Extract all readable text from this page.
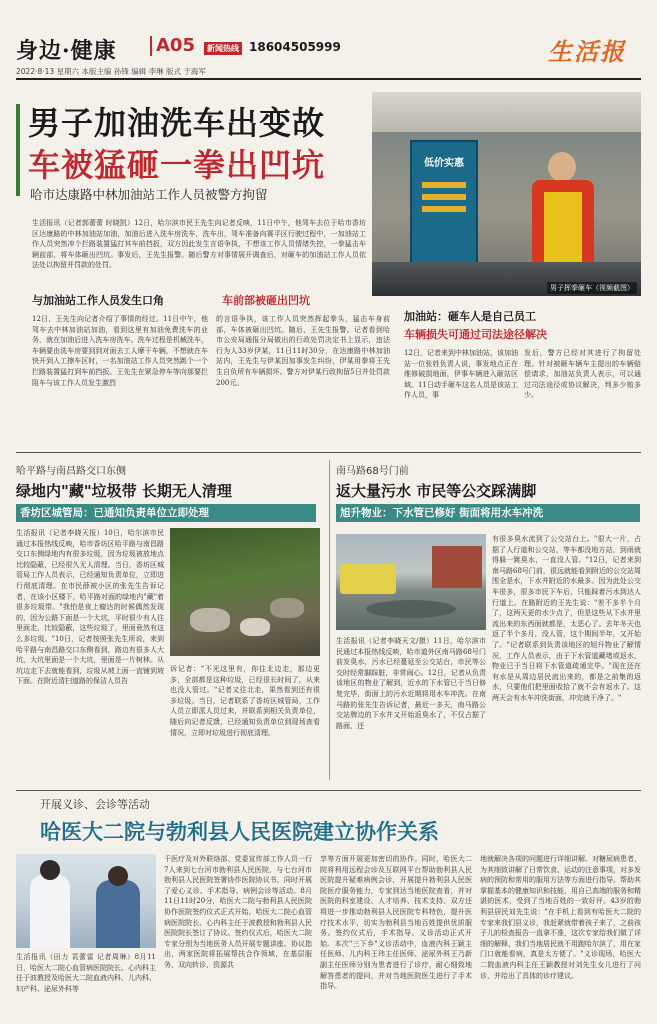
身边·健康	A05	新闻热线 18604505999	生活报
2022·8·13 星期六 本版主编 孙锋 编辑 李琳 版式 于海军
低价实惠
男子挥拳砸车（视频截图）
男子加油洗车出变故
车被猛砸一拳出凹坑
哈市达康路中林加油站工作人员被警方拘留
生活报讯（记者郭蕾蕾 时晓凯）12日，哈尔滨市民王先生向记者反映，11日中午，他驾车去位于哈市香坊区达康路的中林加油站加油，加油后进入洗车房洗车，洗车出，驾车准备向赛平区行驶过程中，一加油站工作人员突然冲个拦路装置猛打其车前挡扳，双方因此发生言语争执，不想该工作人员情绪失控，一拳猛击车辆前部，将车体砸出凹坑。事发后，王先生报警。随后警方对事情展开调查后，对砸车的加油站工作人员依法处以拘留并罚款的处罚。
与加油站工作人员发生口角	车前部被砸出凹坑
12日，王先生向记者介绍了事情的经过。11日中午，他驾车去中林加油站加油，看到这里有加油免费洗车的业务，就在加油后进入洗车房洗车。洗车过程是机械洗车，车辆要由洗车房要到到对面去工人摩干车辆，不想就在车快开到人工擦车区时，一名加油站工作人员突然跳个一个拦路装置猛打到车前挡扳。王先生在紧急停车等向那要拦阻车与该工作人员发生激烈
的言语争执，该工作人员突然挥起拳头，猛击车身前部，车体被砸出凹坑。随后，王先生报警。记者看到哈市公安局通报分局做出的行政处罚决定书上显示，违法行为人33岁伊某，11日11时30分，在达康路中林加油站内，王先生与伊某因加事发生纠纷，伊某用拳将王先生自负所有车辆损坏。警方对伊某行政拘留5日并处罚款200元。
加油站：砸车人是自己员工
车辆损失可通过司法途径解决
12日，记者来到中林加油站，该加油站一位张姓负责人说，事发地点正在维修破损地面，伊事车辆进入砸站区域。11日动手砸车这名人员是该站工作人员，事
发后，警方已经对其进行了拘留处理。针对被砸车辆车主提出的车辆赔偿请求，加油站负责人表示，可以通过司法途径或协议解决，判多少赔多少。
哈平路与南昌路交口东侧
绿地内"藏"垃圾带 长期无人清理
香坊区城管局：已通知负责单位立即处理
生活报讯（记者李晓天报）10日，哈尔滨市民通过本报热线反映，哈市香坊区哈平路与南昌路交口东侧绿地内有很多垃圾，因为垃圾被放地点比较隐蔽，已经很久无人清理。当日，香坊区城管局工作人员表示，已经通知负责单位，立即进行彻底清理。在市民薛被小区的张先生告诉记者，在该小区楼下，哈平路对面的绿地内"藏"着很多垃圾带。"我怕是夜上瘤达的时候偶然发现的，因为公路下面是一个大坑，平时很少有人往里面走，比较隐蔽，这些垃圾了，里面竟然有这么多垃圾。"10日，记者按照张先生所说，来到哈平路与南昌路交口东侧看到，路边有很多人大坑，大坑里面是一个大坑，里面是一片树林。从坑边走下去就能看到，垃圾从坡上面一直铺到坡下面。在附近清扫道路的保洁人员告
诉记者："不光这里有，你往北边走，那边更多，全部都是这种垃圾，已经很长时间了，从来也没人管过。"记者又往北走，果然看到还有很多垃圾。当日，记者联系了香坊区城管局，工作人员立即派人员过来，并联系到相关负责单位，随后向记者反馈，已经通知负责单位到现场查看情况，立即对垃圾进行彻底清理。
南马路68号门前
返大量污水 市民等公交踩满脚
旭升物业：下水管已修好 街面将用水车冲洗
生活报讯（记者李晓天文/摄）11日，哈尔滨市民通过本报热线反映，哈市道外区南马路68号门前发臭水，污水已经蔓延至公交站台，市民等公交时经常脚踩脏，非常闹心。12日，记者从负责该地区的物业了解到，近水的下水管已于当日修复完毕，街面上的污水近期将用水车冲洗。在南马路的张先生告诉记者，最近一多天，南马路公交站牌边的下水井又开始返臭水了，不仅占据了路面，还
有很多臭水流到了公交站台上。"很大一片，占据了人行道和公交站，等车都没地方站，到雨就得躲一跳臭水，一直没人管。"12日，记者来到南马路68号门前，很远就能看到附近的公交站周围全是水，下水井附近的水最多。因为此处公交车很多，很多市民下车后，只能踩着污水到达人行道上。在路附近的王先生说："差不多半个月了，这两天更的水少点了，但是这些从下水井里流出来的东西面就都是，太恶心了。去年冬天也返了半个多月，没人管，这个期间半年，又开始了。"记者联系到负责该地区的旭升物业了解情况，工作人员表示，由于下水管道藏堵或返水，物业已于当日将下水管道疏通完毕。"现在还在有水是从周边居民流出来的，都是之前集的返水，只要他们把里面收拾了就不会有返水了。这两天会有水车冲洗街面，冲完就干净了。"
开展义诊、会诊等活动
哈医大二院与勃利县人民医院建立协作关系
生活报讯（田力 袁蕾雷 记者周琳）8月11日，哈医大二院心血管病医院院长、心内科主任于波教授及哈医大二院血液内科、儿内科、妇产科、泌尿外科等
千医疗及对外联络部、党委宣传部工作人员一行7人来到七台河市勃利县人民医院，与七台河市勃利县人民医院签署协作医院协议书，同时开展了爱心义诊、手术指导、病例会诊等活动。8月11日11时20分，哈医大二院与勃利县人民医院协作医院签约仪式正式开始。哈医大二院心血管病医院院长、心内科主任于波教授和勃利县人民医院院长签订了协议。签约仪式后，哈医大二院专家分别为当地医务人员开展专题讲座。协议指出，两家医院将拓展帮扶合作领域，在基层服务、双向转诊、资源共
享等方面开展更加密切的协作。同时，哈医大二院将利用远程会诊及互联网平台帮助勃利县人民医院提升疑难病例会诊，开展提升勃利县人民医院医疗服务能力，专家到达当地医院查看，并对医院的科室建设、人才培养、技术支持、双方还将进一步推动勃利县人民医院专科特色，提升医疗技术水平，切实为勃利县当地百姓提供优质服务。签约仪式后，手术指导、义诊活动正式开始。本次"三下乡"义诊活动中，血液内科王颖主任医师、儿内科王玮主任医师、泌尿外科王乃新副主任医师分别为患者进行了诊疗，耐心细致地解答患者的提问，并对当地医院医生进行了手术指导。
地就解决各项的问题进行详细讲解。对糖尿病患者，为其细致讲解了日常饮食、运动的注意事项，对多发病的预防和常用的服用方法等方面进行指导。帮助其掌握基本的健康知识和技能，用自己高端的服务和精湛的医术，受到了当地百姓的一致好评。43岁的勃利县居民刘先生说："在手机上看到有哈医大二院的专家来我们县义诊，我赶紧就带着孩子来了，之前孩子儿的检查报告一直拿不准，这次专家给我们做了详细的解释，我们当地居民就不用跑哈尔滨了，用在家门口就能看病，真是太方便了。"义诊现场，哈医大二院血液内科主任王颖教授对刘先生女儿进行了问诊，并给出了具体的诊疗建议。
